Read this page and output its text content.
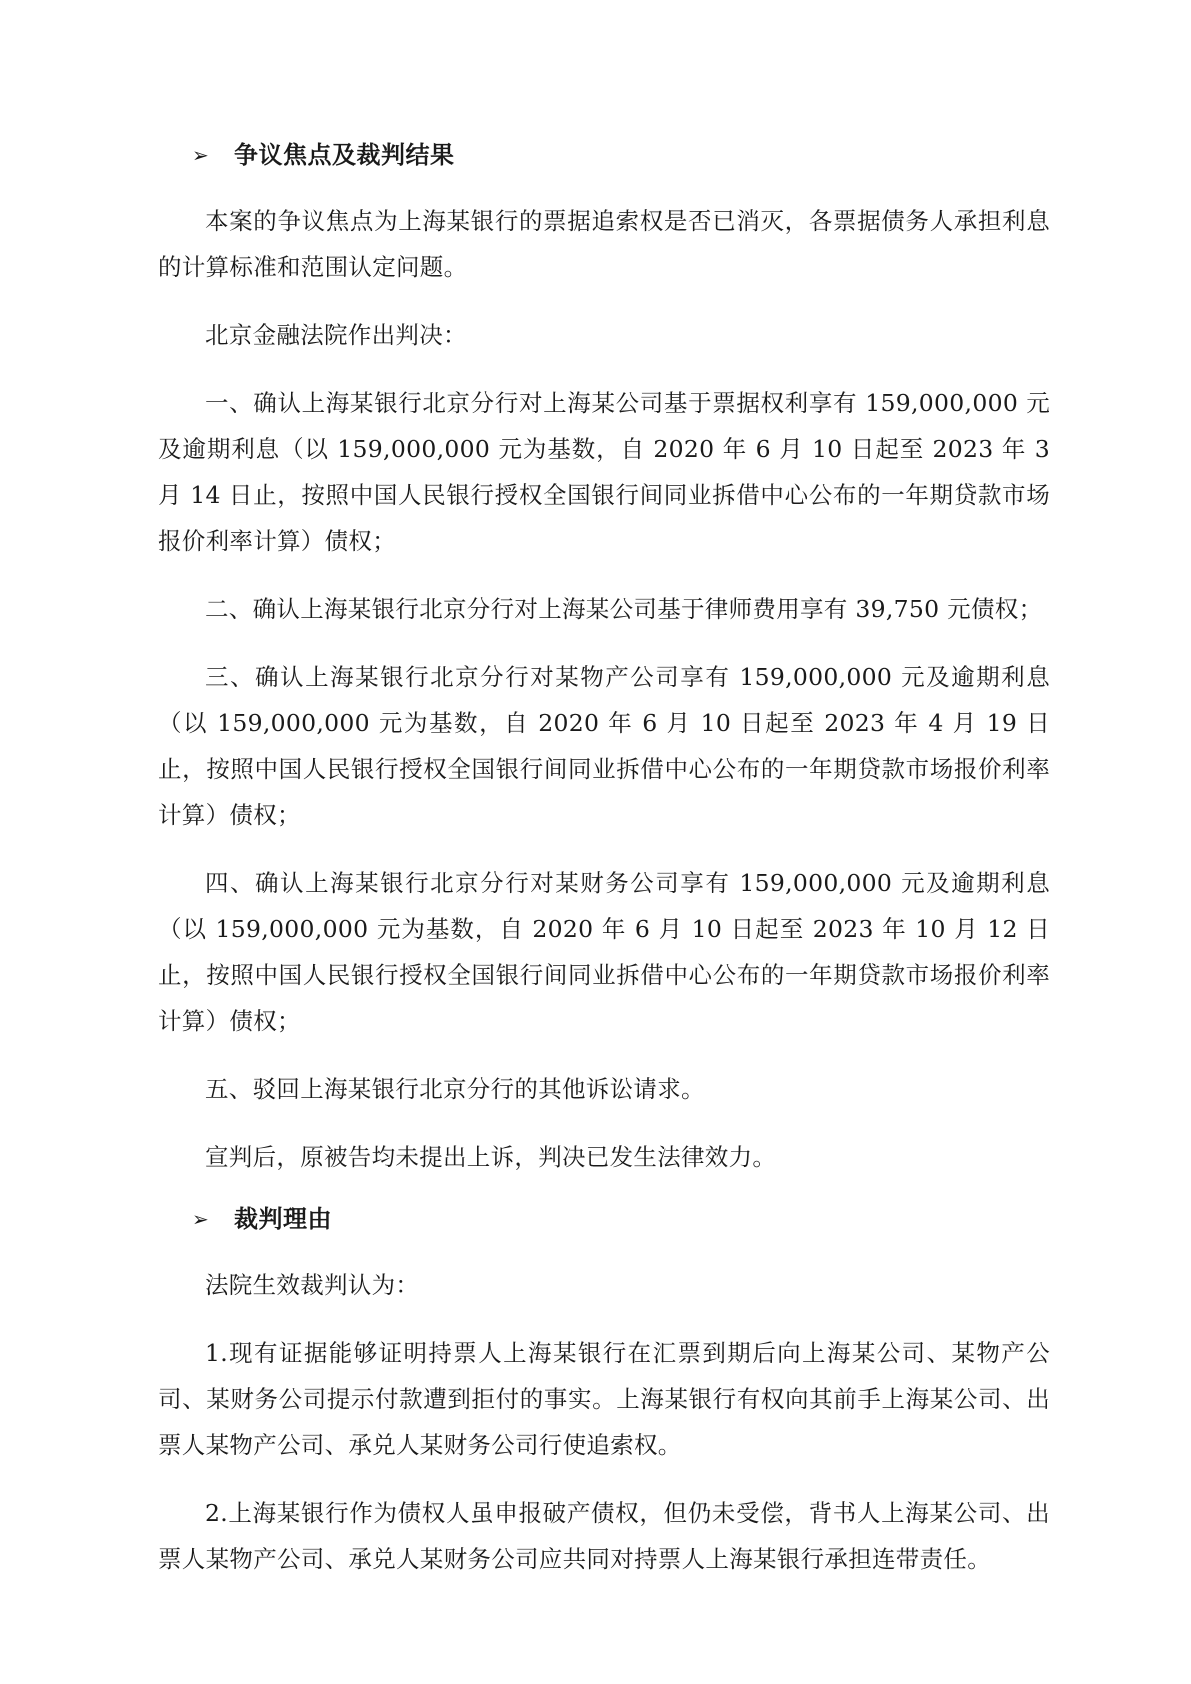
➢ 争议焦点及裁判结果

本案的争议焦点为上海某银行的票据追索权是否已消灭，各票据债务人承担利息的计算标准和范围认定问题。

北京金融法院作出判决：

一、确认上海某银行北京分行对上海某公司基于票据权利享有 159,000,000 元及逾期利息（以 159,000,000 元为基数，自 2020 年 6 月 10 日起至 2023 年 3 月 14 日止，按照中国人民银行授权全国银行间同业拆借中心公布的一年期贷款市场报价利率计算）债权；

二、确认上海某银行北京分行对上海某公司基于律师费用享有 39,750 元债权；

三、确认上海某银行北京分行对某物产公司享有 159,000,000 元及逾期利息（以 159,000,000 元为基数，自 2020 年 6 月 10 日起至 2023 年 4 月 19 日止，按照中国人民银行授权全国银行间同业拆借中心公布的一年期贷款市场报价利率计算）债权；

四、确认上海某银行北京分行对某财务公司享有 159,000,000 元及逾期利息（以 159,000,000 元为基数，自 2020 年 6 月 10 日起至 2023 年 10 月 12 日止，按照中国人民银行授权全国银行间同业拆借中心公布的一年期贷款市场报价利率计算）债权；

五、驳回上海某银行北京分行的其他诉讼请求。

宣判后，原被告均未提出上诉，判决已发生法律效力。

➢ 裁判理由

法院生效裁判认为：

1.现有证据能够证明持票人上海某银行在汇票到期后向上海某公司、某物产公司、某财务公司提示付款遭到拒付的事实。上海某银行有权向其前手上海某公司、出票人某物产公司、承兑人某财务公司行使追索权。

2.上海某银行作为债权人虽申报破产债权，但仍未受偿，背书人上海某公司、出票人某物产公司、承兑人某财务公司应共同对持票人上海某银行承担连带责任。
